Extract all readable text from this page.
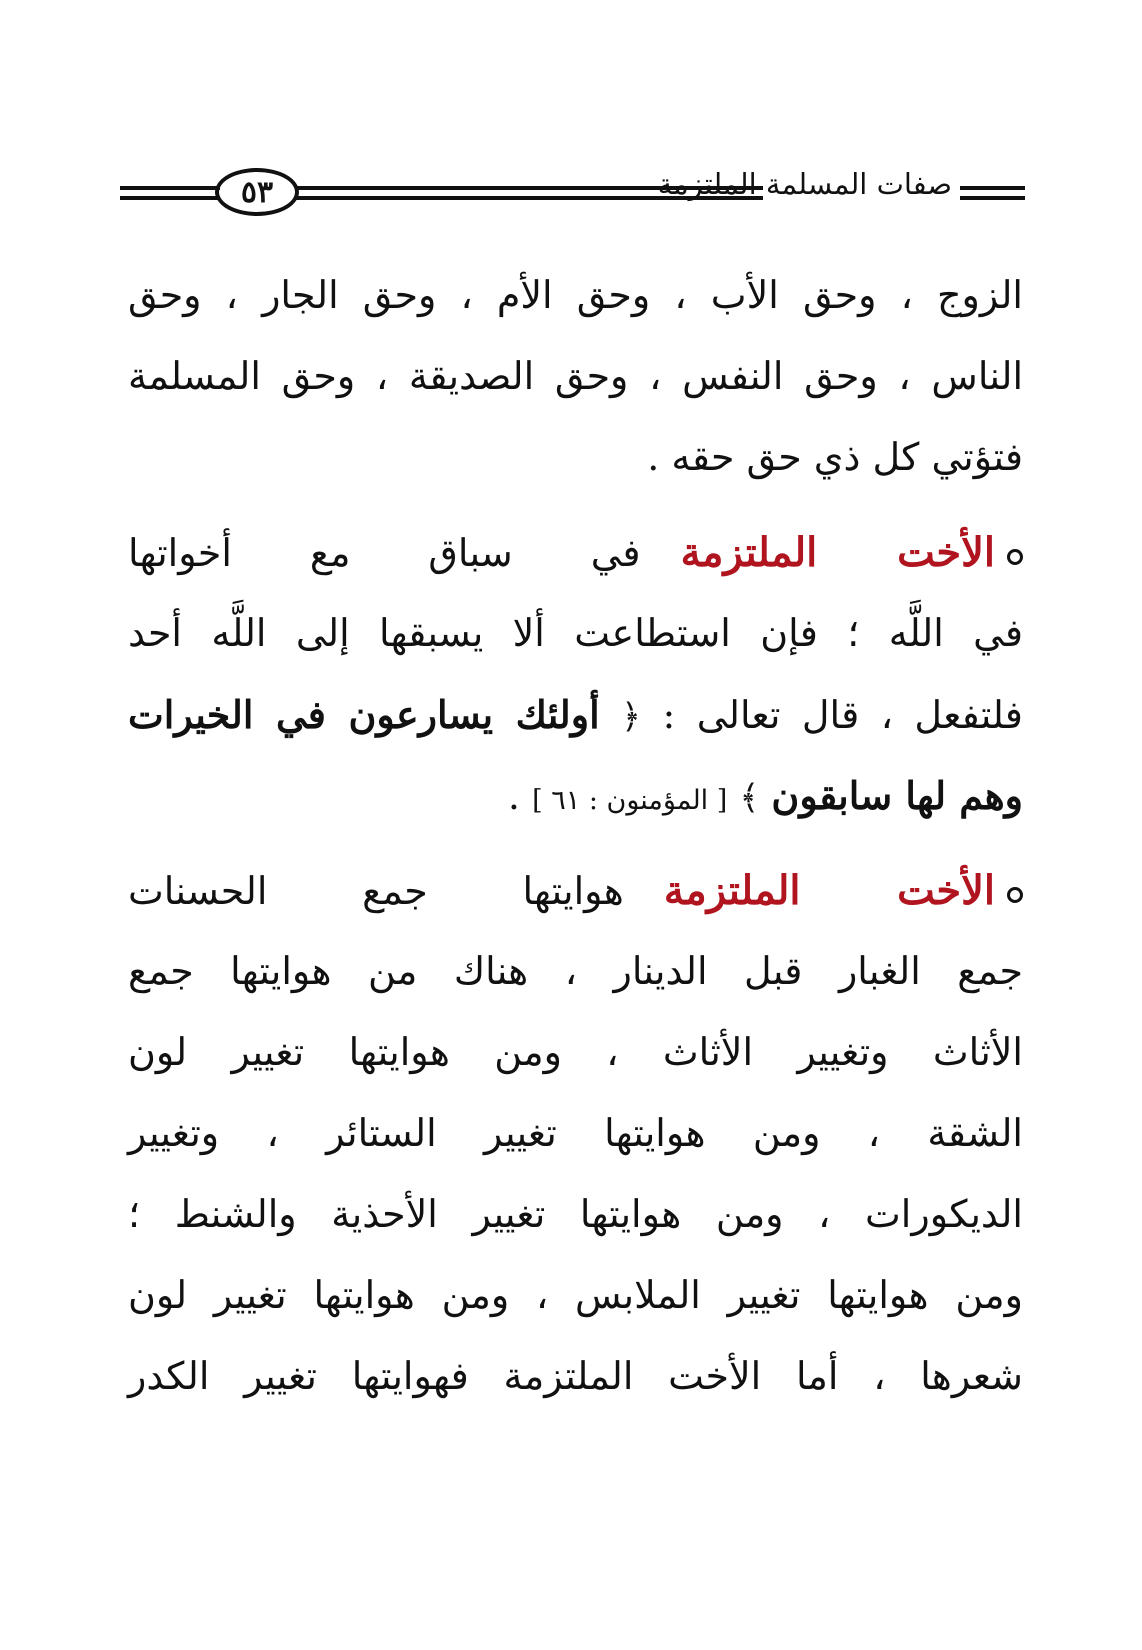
٥٣	صفات المسلمة الملتزمة
الزوج ، وحق الأب ، وحق الأم ، وحق الجار ، وحق
الناس ، وحق النفس ، وحق الصديقة ، وحق المسلمة
فتؤتي كل ذي حق حقه .
الأخت الملتزمةفي سباق مع أخواتها
في اللَّه ؛ فإن استطاعت ألا يسبقها إلى اللَّه أحد
فلتفعل ، قال تعالى : ﴿ أولئك يسارعون في الخيرات
وهم لها سابقون ﴾ [ المؤمنون : ٦١ ] .
الأخت الملتزمةهوايتها جمع الحسنات
جمع الغبار قبل الدينار ، هناك من هوايتها جمع
الأثاث وتغيير الأثاث ، ومن هوايتها تغيير لون
الشقة ، ومن هوايتها تغيير الستائر ، وتغيير
الديكورات ، ومن هوايتها تغيير الأحذية والشنط ؛
ومن هوايتها تغيير الملابس ، ومن هوايتها تغيير لون
شعرها ، أما الأخت الملتزمة فهوايتها تغيير الكدر
